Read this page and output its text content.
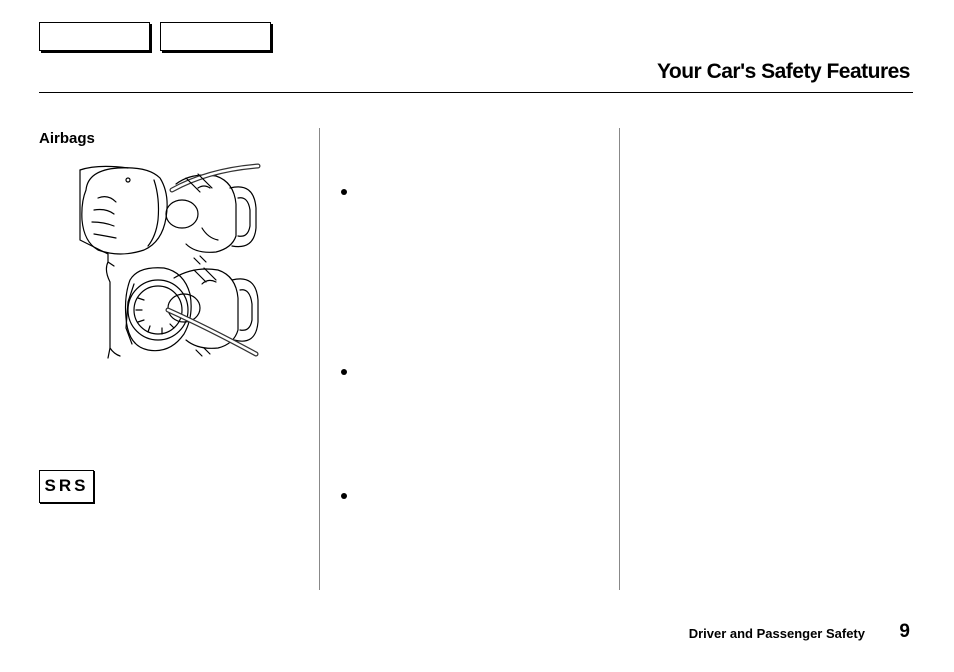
Your Car's Safety Features
Airbags
SRS
Driver and Passenger Safety 9
